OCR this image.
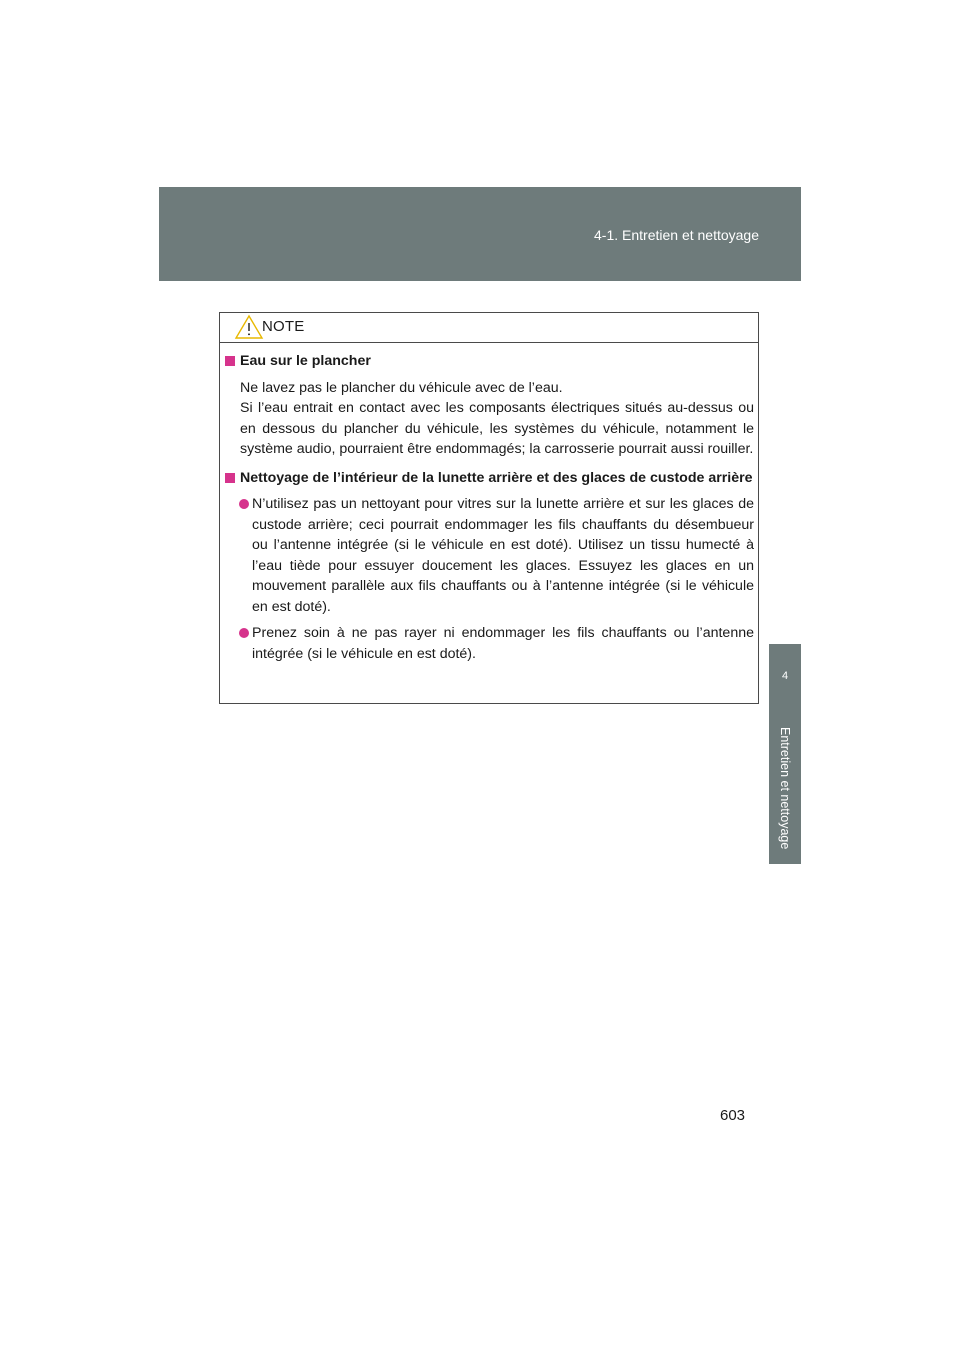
4-1. Entretien et nettoyage
4
Entretien et nettoyage
NOTE
Eau sur le plancher
Ne lavez pas le plancher du véhicule avec de l’eau.
Si l’eau entrait en contact avec les composants électriques situés au-dessus ou en dessous du plancher du véhicule, les systèmes du véhicule, notamment le système audio, pourraient être endommagés; la carrosserie pourrait aussi rouiller.
Nettoyage de l’intérieur de la lunette arrière et des glaces de custode arrière
N’utilisez pas un nettoyant pour vitres sur la lunette arrière et sur les glaces de custode arrière; ceci pourrait endommager les fils chauffants du désembueur ou l’antenne intégrée (si le véhicule en est doté). Utilisez un tissu humecté à l’eau tiède pour essuyer doucement les glaces. Essuyez les glaces en un mouvement parallèle aux fils chauffants ou à l’antenne intégrée (si le véhicule en est doté).
Prenez soin à ne pas rayer ni endommager les fils chauffants ou l’antenne intégrée (si le véhicule en est doté).
603
